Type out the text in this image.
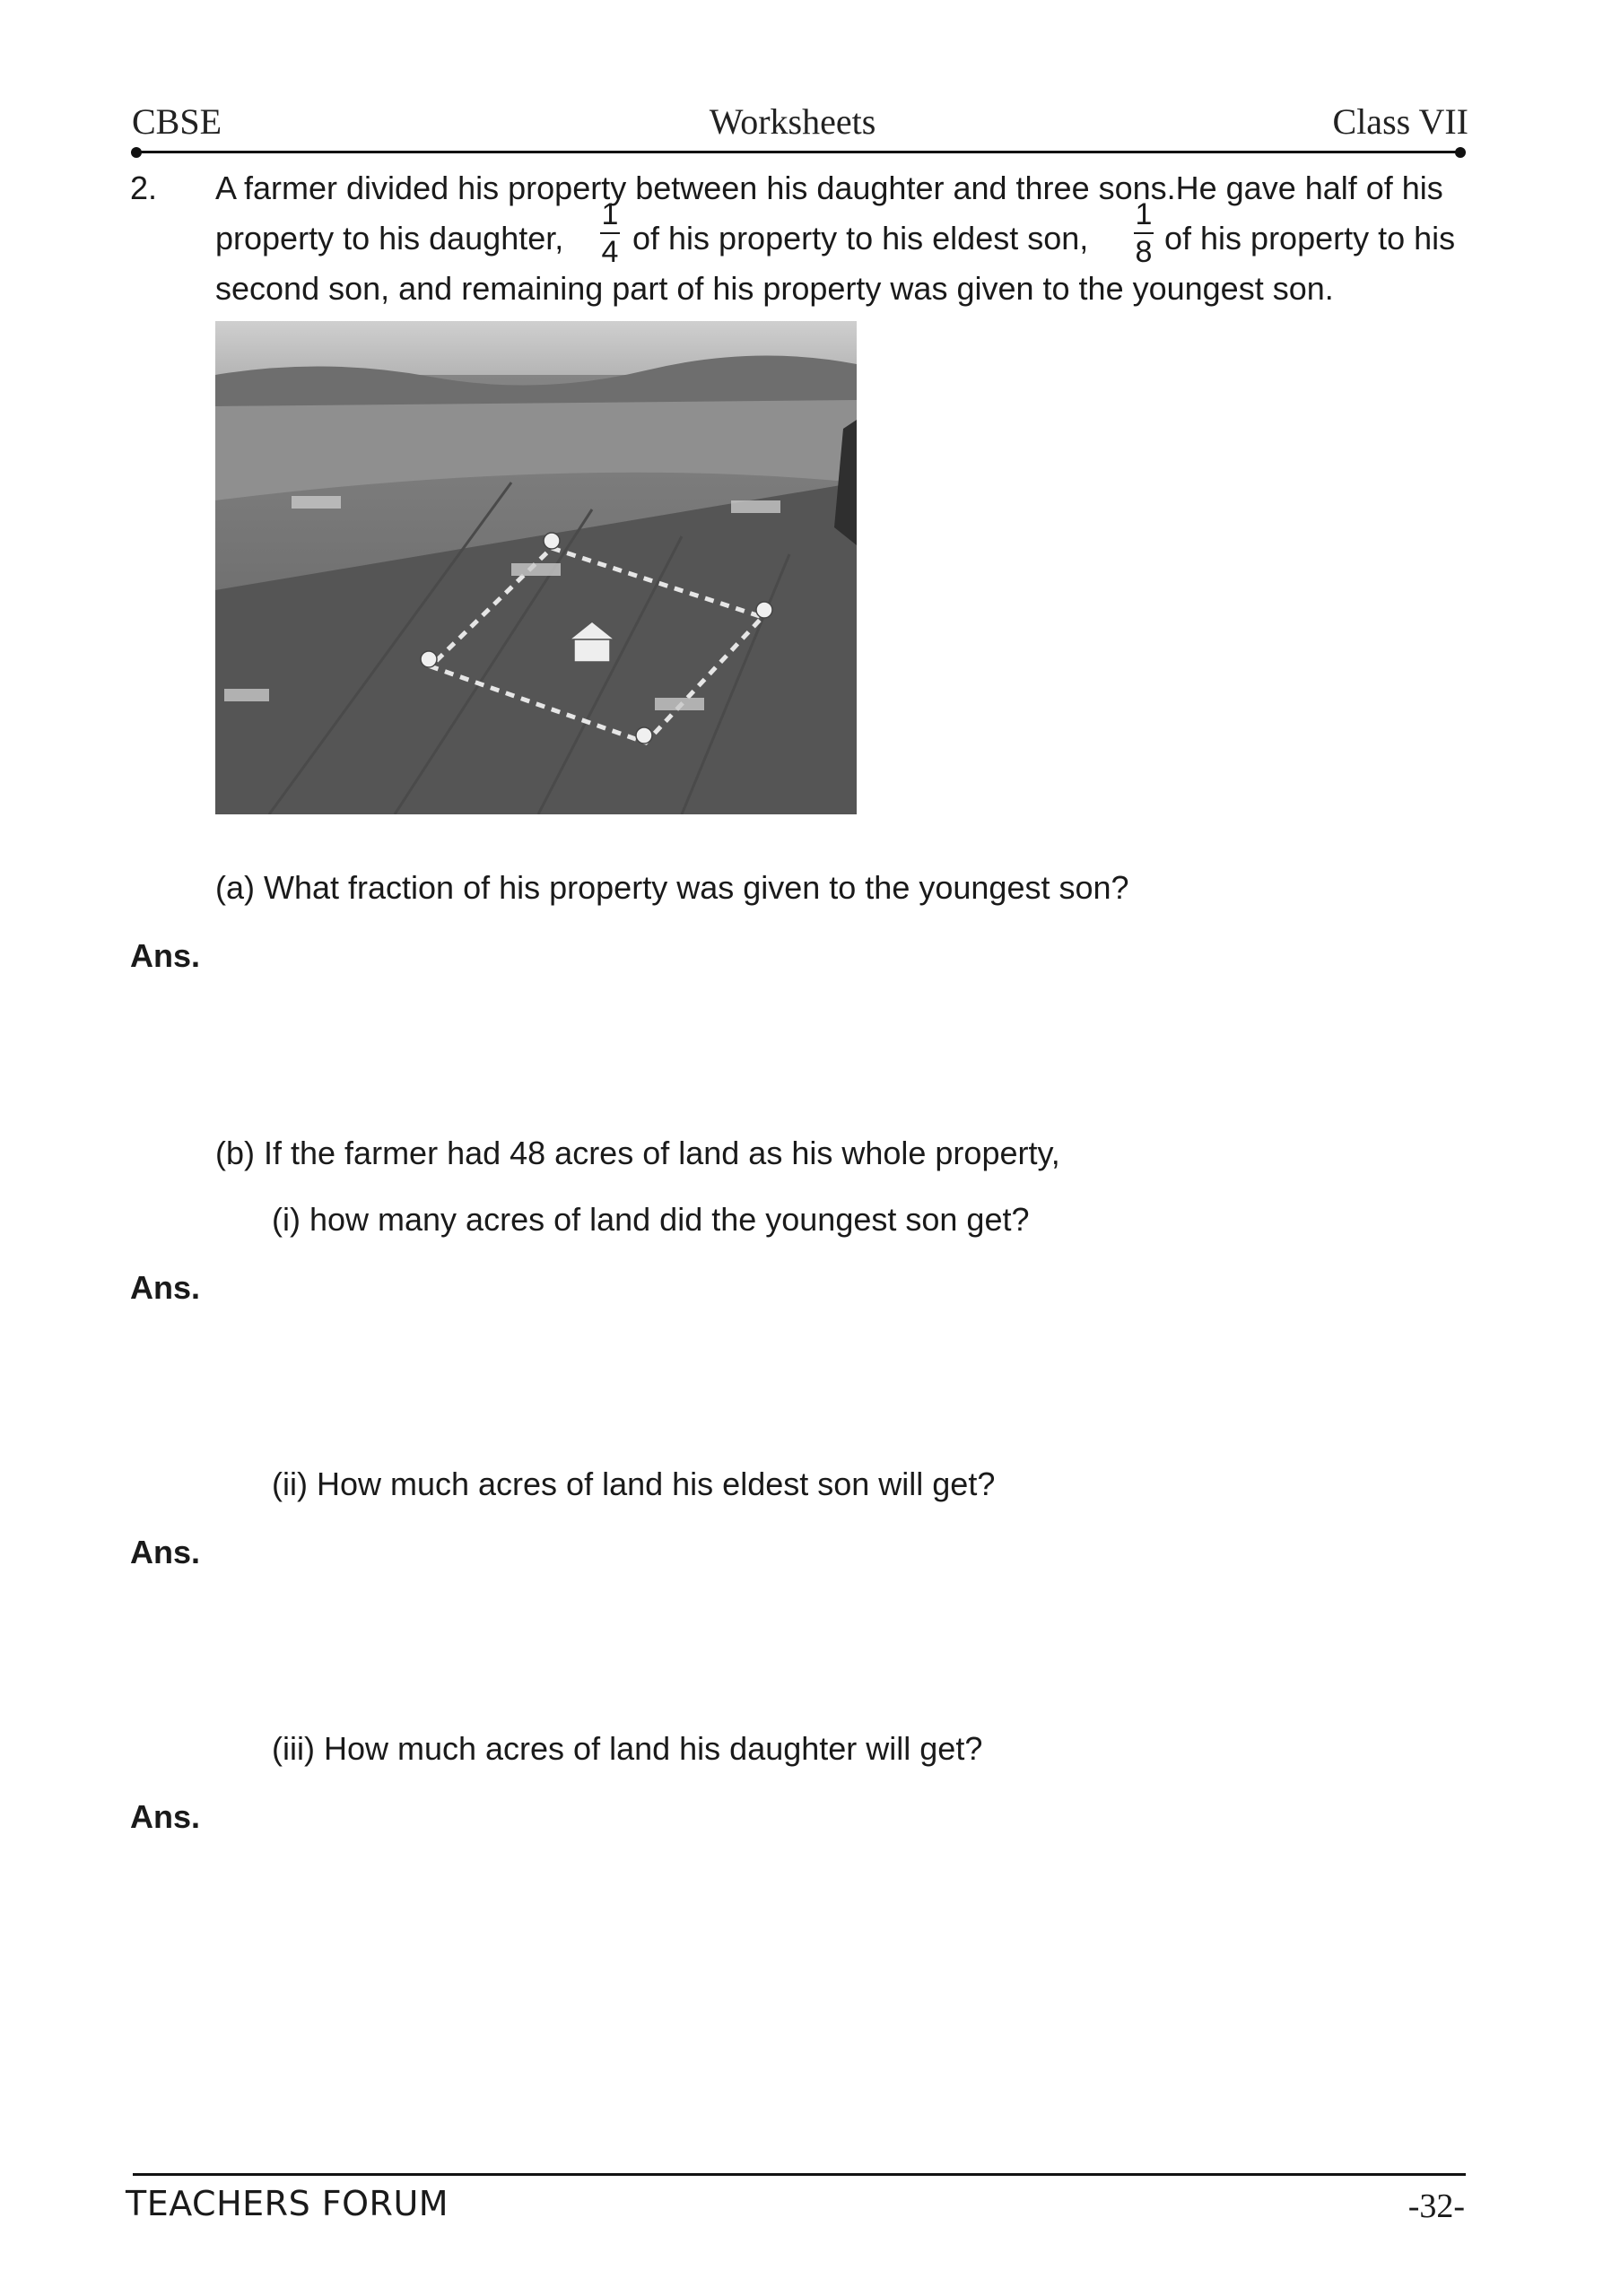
CBSE	Worksheets	Class VII
2. A farmer divided his property between his daughter and three sons.He gave half of his
property to his daughter,
1
4 of his property to his eldest son,
1
8 of his property to his
second son, and remaining part of his property was given to the youngest son.
(a) What fraction of his property was given to the youngest son?
Ans.
(b) If the farmer had 48 acres of land as his whole property,
(i) how many acres of land did the youngest son get?
Ans.
(ii) How much acres of land his eldest son will get?
Ans.
(iii) How much acres of land his daughter will get?
Ans.
TEACHERS FORUM	-32-
